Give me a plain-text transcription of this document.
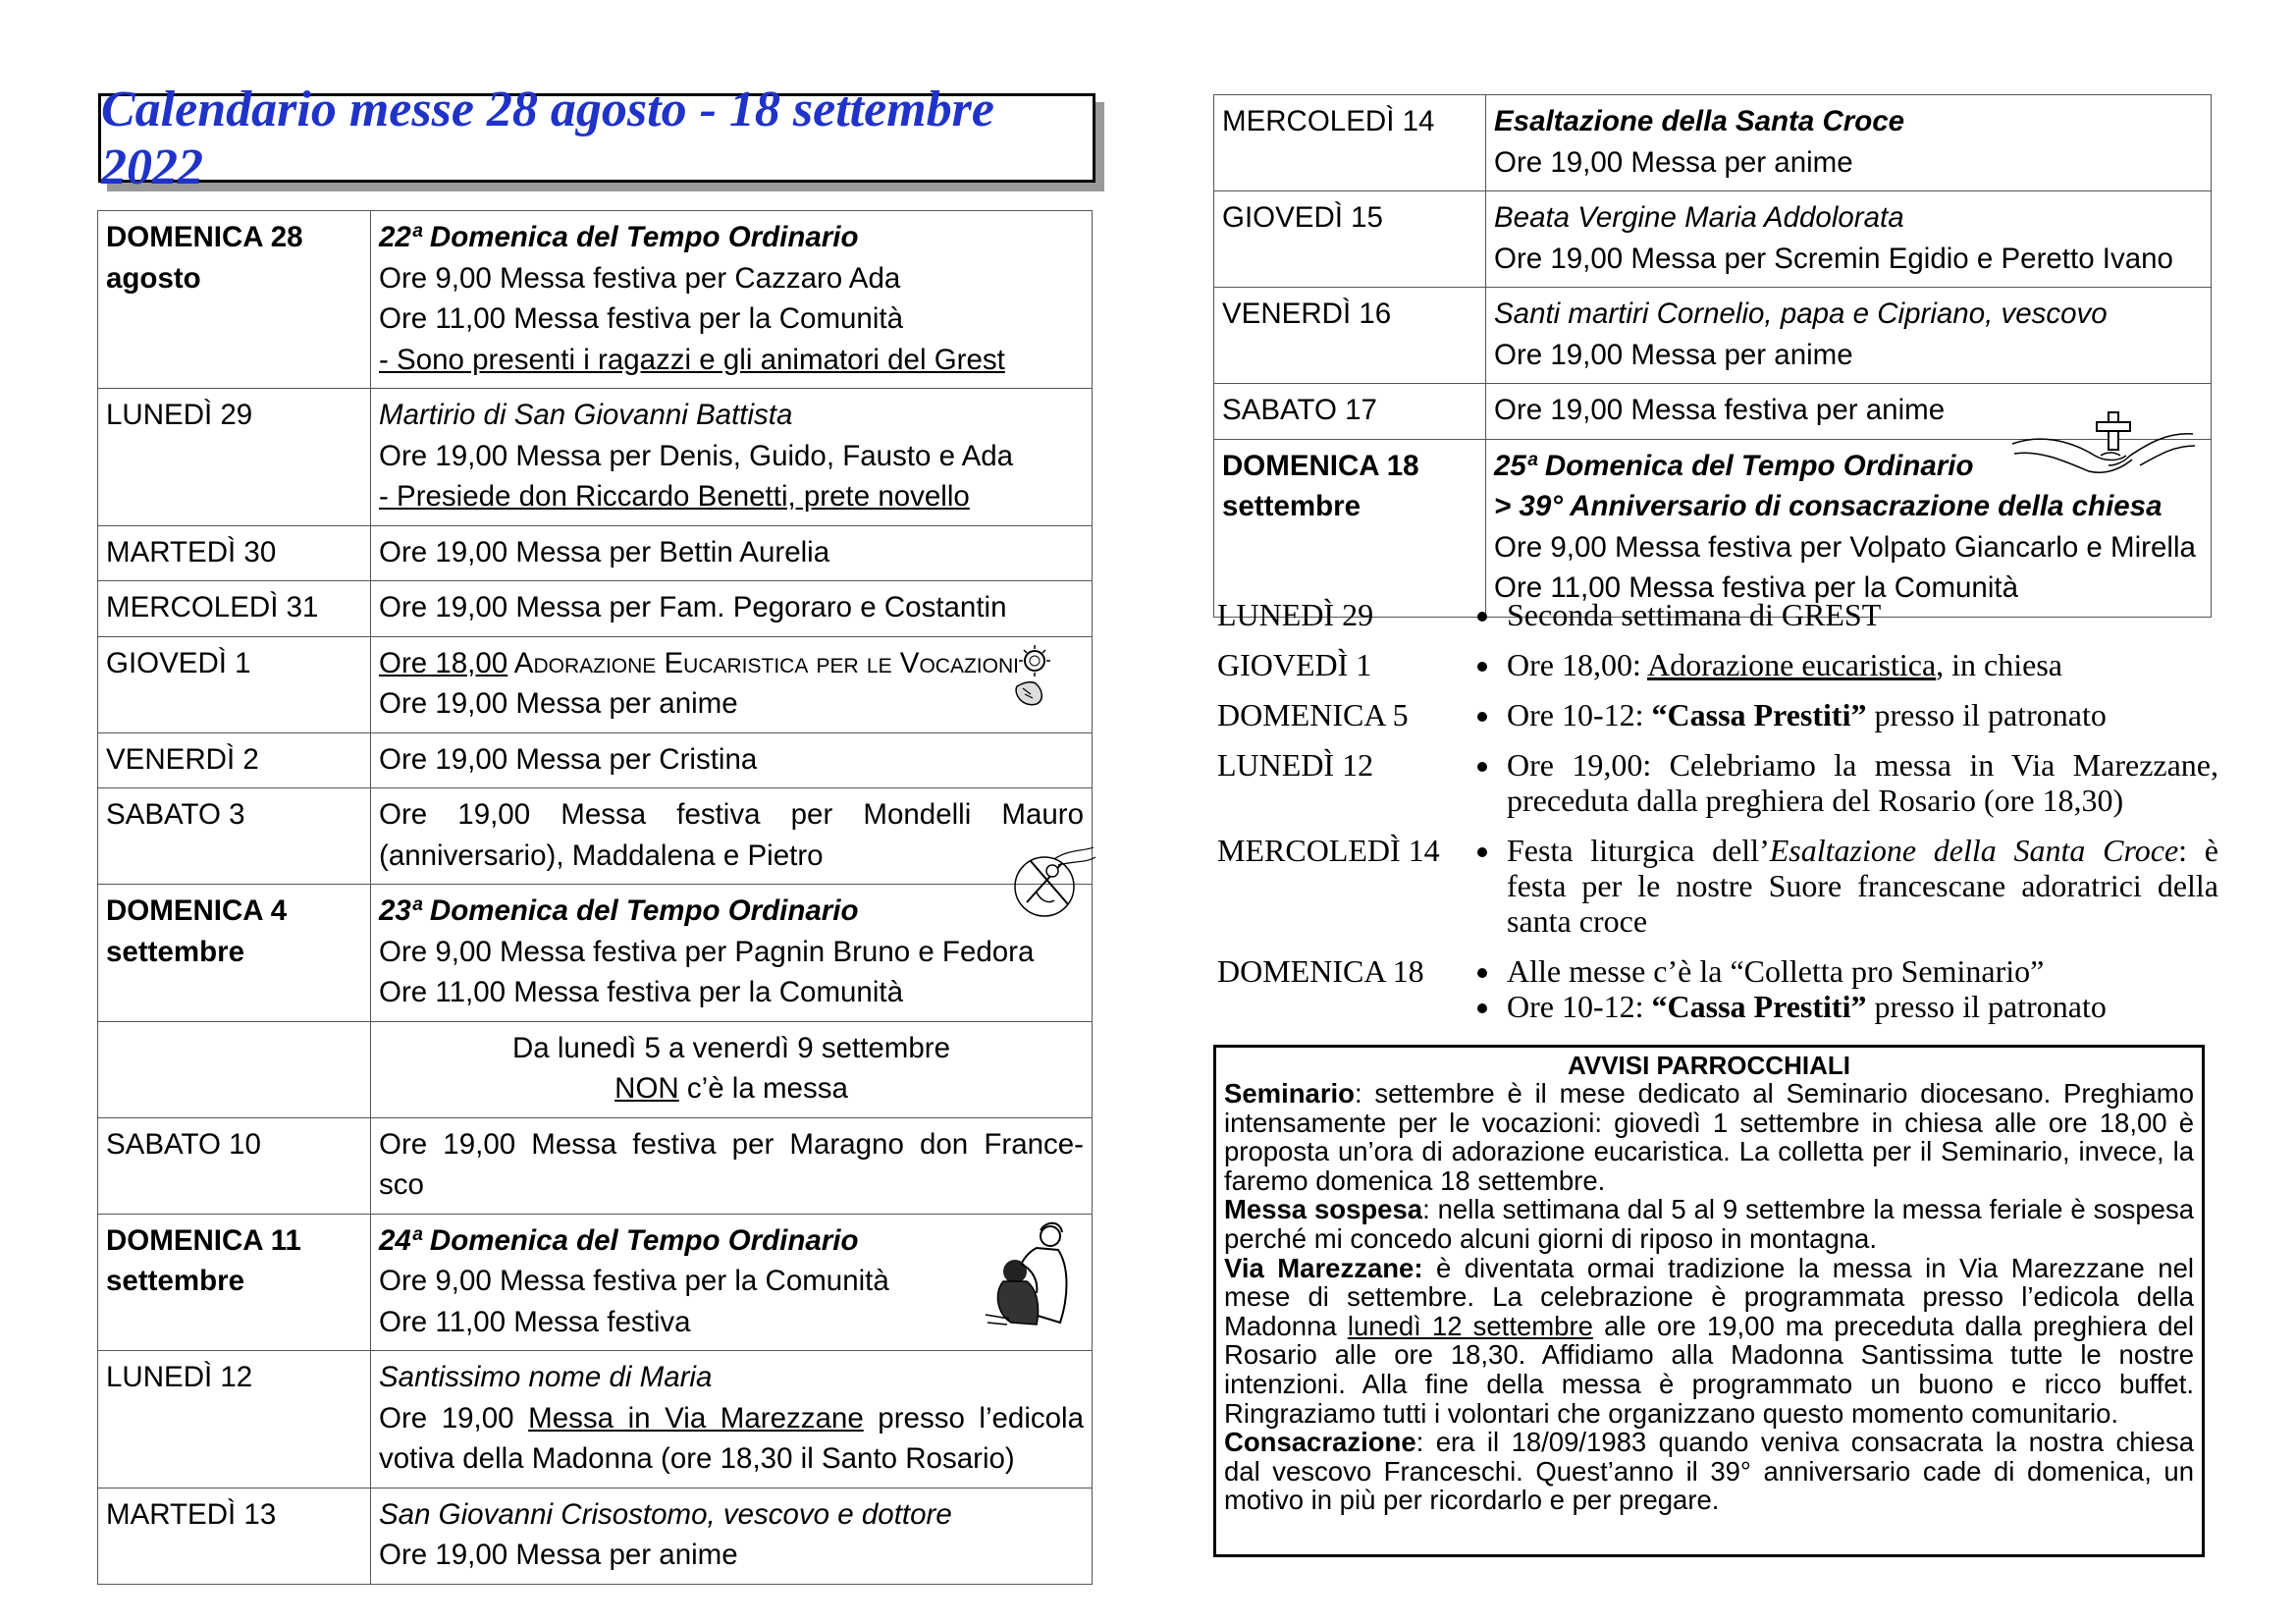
Calendario messe 28 agosto - 18 settembre 2022
DOMENICA 28 agosto	22ª Domenica del Tempo Ordinario
Ore 9,00 Messa festiva per Cazzaro Ada
Ore 11,00 Messa festiva per la Comunità
- Sono presenti i ragazzi e gli animatori del Grest

LUNEDÌ 29	Martirio di San Giovanni Battista
Ore 19,00 Messa per Denis, Guido, Fausto e Ada
- Presiede don Riccardo Benetti, prete novello

MARTEDÌ 30	Ore 19,00 Messa per Bettin Aurelia

MERCOLEDÌ 31	Ore 19,00 Messa per Fam. Pegoraro e Costantin

GIOVEDÌ 1	Ore 18,00 Adorazione Eucaristica per le Vocazioni
Ore 19,00 Messa per anime

VENERDÌ 2	Ore 19,00 Messa per Cristina

SABATO 3	Ore 19,00 Messa festiva per Mondelli Mauro
(anniversario), Maddalena e Pietro

DOMENICA 4 settembre	23ª Domenica del Tempo Ordinario
Ore 9,00 Messa festiva per Pagnin Bruno e Fedora
Ore 11,00 Messa festiva per la Comunità

	Da lunedì 5 a venerdì 9 settembre
NON c’è la messa

SABATO 10	Ore 19,00 Messa festiva per Maragno don France-
sco

DOMENICA 11 settembre	24ª Domenica del Tempo Ordinario
Ore 9,00 Messa festiva per la Comunità
Ore 11,00 Messa festiva

LUNEDÌ 12	Santissimo nome di Maria
Ore 19,00 Messa in Via Marezzane presso l’edicola
votiva della Madonna (ore 18,30 il Santo Rosario)

MARTEDÌ 13	San Giovanni Crisostomo, vescovo e dottore
Ore 19,00 Messa per anime
MERCOLEDÌ 14	Esaltazione della Santa Croce
Ore 19,00 Messa per anime

GIOVEDÌ 15	Beata Vergine Maria Addolorata
Ore 19,00 Messa per Scremin Egidio e Peretto Ivano

VENERDÌ 16	Santi martiri Cornelio, papa e Cipriano, vescovo
Ore 19,00 Messa per anime

SABATO 17	Ore 19,00 Messa festiva per anime

DOMENICA 18 settembre	25ª Domenica del Tempo Ordinario
> 39° Anniversario di consacrazione della chiesa
Ore 9,00 Messa festiva per Volpato Giancarlo e Mirella
Ore 11,00 Messa festiva per la Comunità
LUNEDÌ 29	• Seconda settimana di GREST
GIOVEDÌ 1	• Ore 18,00: Adorazione eucaristica, in chiesa
DOMENICA 5	• Ore 10-12: “Cassa Prestiti” presso il patronato
LUNEDÌ 12	• Ore 19,00: Celebriamo la messa in Via Marezzane, preceduta dalla preghiera del Rosario (ore 18,30)
MERCOLEDÌ 14	• Festa liturgica dell’Esaltazione della Santa Croce: è festa per le nostre Suore francescane adoratrici della santa croce
DOMENICA 18	• Alle messe c’è la “Colletta pro Seminario”
• Ore 10-12: “Cassa Prestiti” presso il patronato
AVVISI PARROCCHIALI

Seminario: settembre è il mese dedicato al Seminario diocesano. Preghiamo intensamente per le vocazioni: giovedì 1 settembre in chiesa alle ore 18,00 è proposta un’ora di adorazione eucaristica. La colletta per il Seminario, invece, la faremo domenica 18 settembre.

Messa sospesa: nella settimana dal 5 al 9 settembre la messa feriale è sospesa perché mi concedo alcuni giorni di riposo in montagna.

Via Marezzane: è diventata ormai tradizione la messa in Via Marezzane nel mese di settembre. La celebrazione è programmata presso l’edicola della Madonna lunedì 12 settembre alle ore 19,00 ma preceduta dalla preghiera del Rosario alle ore 18,30. Affidiamo alla Madonna Santissima tutte le nostre intenzioni. Alla fine della messa è programmato un buono e ricco buffet. Ringraziamo tutti i volontari che organizzano questo momento comunitario.

Consacrazione: era il 18/09/1983 quando veniva consacrata la nostra chiesa dal vescovo Franceschi. Quest’anno il 39° anniversario cade di domenica, un motivo in più per ricordarlo e per pregare.
